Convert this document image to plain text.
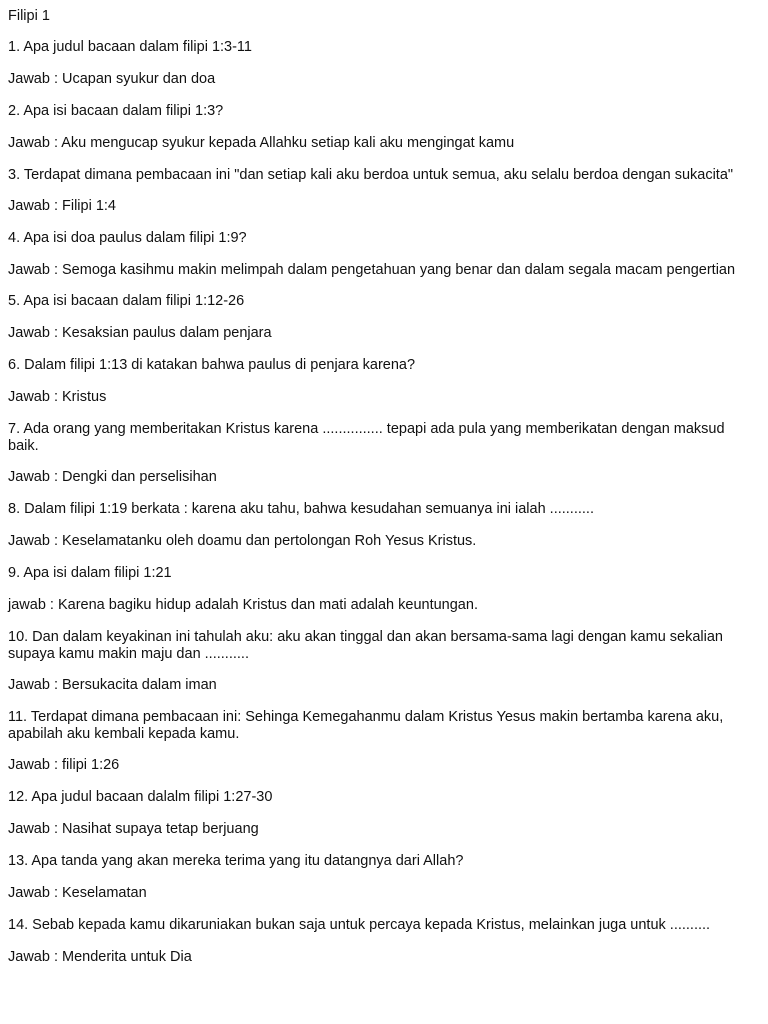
Filipi 1

1. Apa judul bacaan dalam filipi 1:3-11

Jawab : Ucapan syukur dan doa

2. Apa isi bacaan dalam filipi 1:3?

Jawab : Aku mengucap syukur kepada Allahku setiap kali aku mengingat kamu

3. Terdapat dimana pembacaan ini "dan setiap kali aku berdoa untuk semua, aku selalu berdoa dengan sukacita"

Jawab : Filipi 1:4

4. Apa isi doa paulus dalam filipi 1:9?

Jawab : Semoga kasihmu makin melimpah dalam pengetahuan yang benar dan dalam segala macam pengertian

5. Apa isi bacaan dalam filipi 1:12-26

Jawab : Kesaksian paulus dalam penjara

6. Dalam filipi 1:13 di katakan bahwa paulus di penjara karena?

Jawab : Kristus

7. Ada orang yang memberitakan Kristus karena ............... tepapi ada pula yang memberikatan dengan maksud baik.

Jawab : Dengki dan perselisihan

8. Dalam filipi 1:19 berkata : karena aku tahu, bahwa kesudahan semuanya ini ialah ...........

Jawab : Keselamatanku oleh doamu dan pertolongan Roh Yesus Kristus.

9. Apa isi dalam filipi 1:21

jawab : Karena bagiku hidup adalah Kristus dan mati adalah keuntungan.

10. Dan dalam keyakinan ini tahulah aku: aku akan tinggal dan akan bersama-sama lagi dengan kamu sekalian supaya kamu makin maju dan ...........

Jawab : Bersukacita dalam iman

11. Terdapat dimana pembacaan ini: Sehinga Kemegahanmu dalam Kristus Yesus makin bertamba karena aku, apabilah aku kembali kepada kamu.

Jawab : filipi 1:26

12. Apa judul bacaan dalalm filipi 1:27-30

Jawab : Nasihat supaya tetap berjuang

13. Apa tanda yang akan mereka terima yang itu datangnya dari Allah?

Jawab : Keselamatan

14. Sebab kepada kamu dikaruniakan bukan saja untuk percaya kepada Kristus, melainkan juga untuk ..........

Jawab : Menderita untuk Dia
